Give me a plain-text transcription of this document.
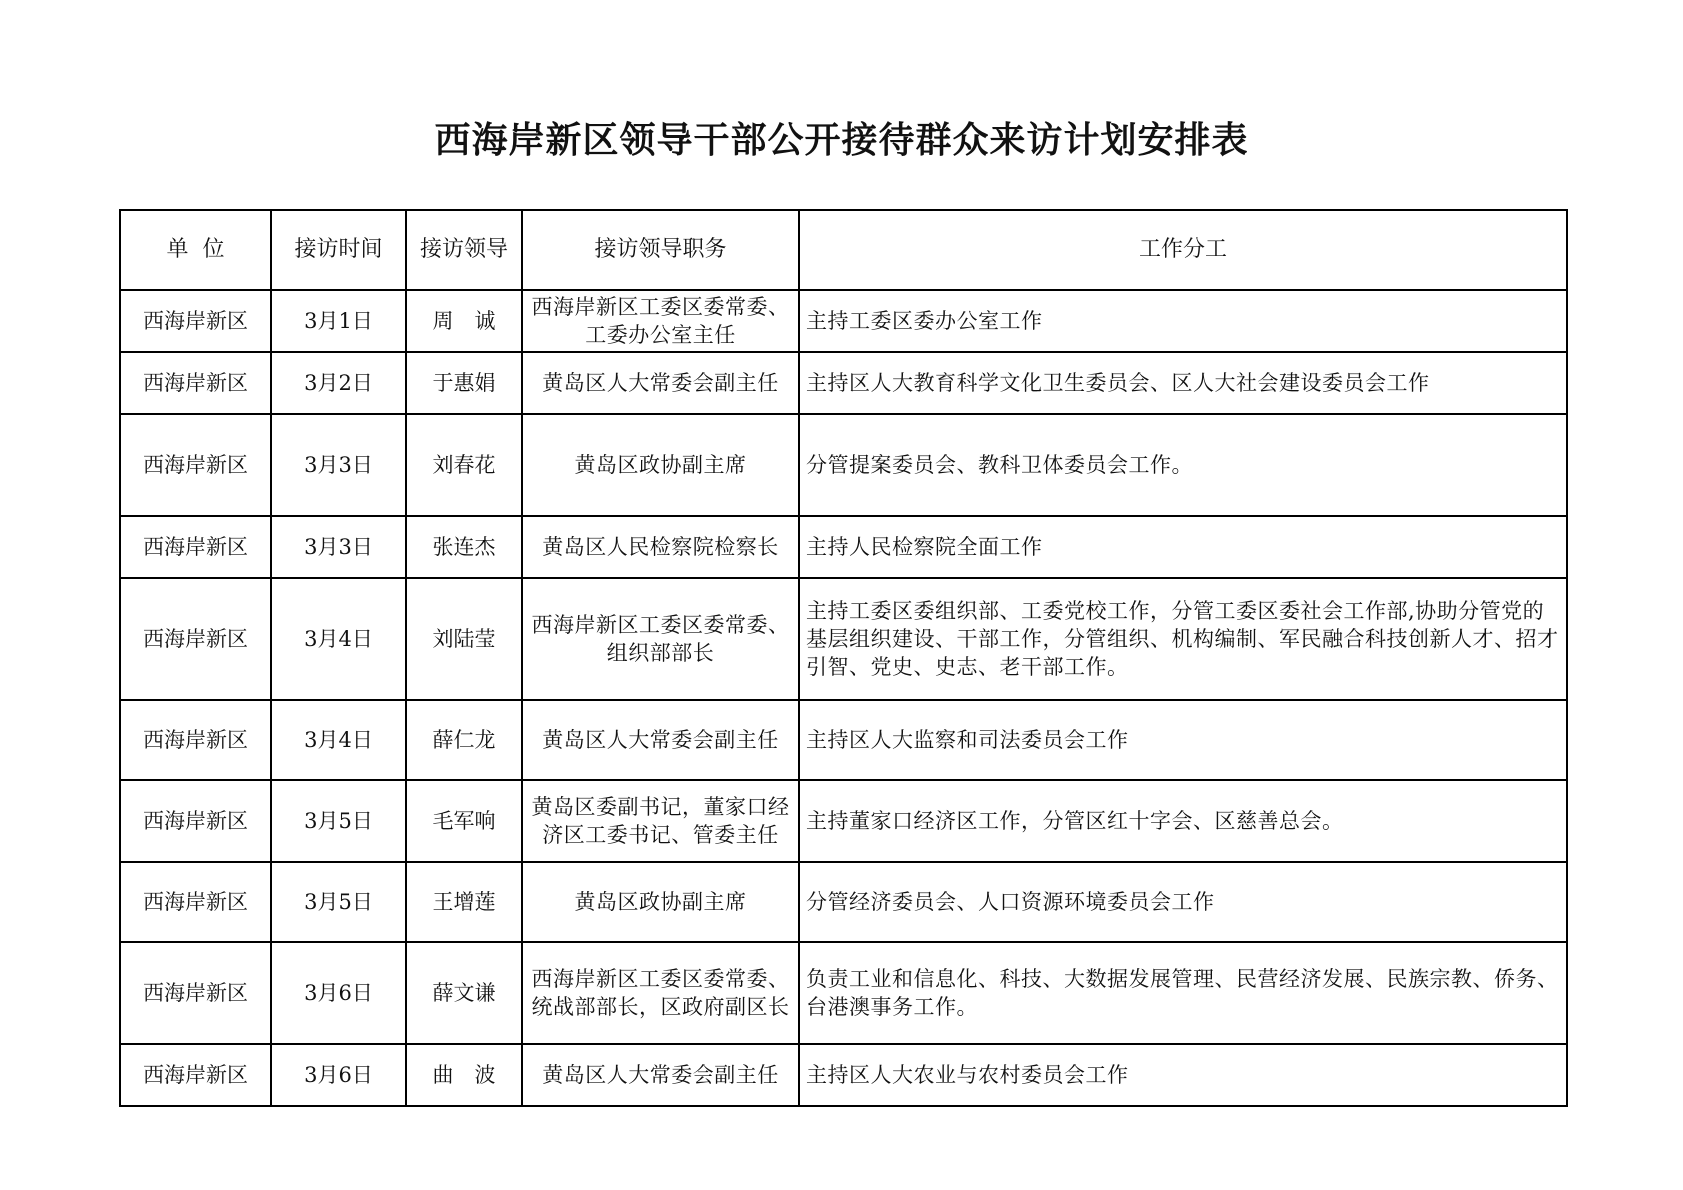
西海岸新区领导干部公开接待群众来访计划安排表
单  位	接访时间	接访领导	接访领导职务	工作分工
西海岸新区	3月1日	周　诚	西海岸新区工委区委常委、工委办公室主任	主持工委区委办公室工作
西海岸新区	3月2日	于惠娟	黄岛区人大常委会副主任	主持区人大教育科学文化卫生委员会、区人大社会建设委员会工作
西海岸新区	3月3日	刘春花	黄岛区政协副主席	分管提案委员会、教科卫体委员会工作。
西海岸新区	3月3日	张连杰	黄岛区人民检察院检察长	主持人民检察院全面工作
西海岸新区	3月4日	刘陆莹	西海岸新区工委区委常委、组织部部长	主持工委区委组织部、工委党校工作，分管工委区委社会工作部,协助分管党的基层组织建设、干部工作，分管组织、机构编制、军民融合科技创新人才、招才引智、党史、史志、老干部工作。
西海岸新区	3月4日	薛仁龙	黄岛区人大常委会副主任	主持区人大监察和司法委员会工作
西海岸新区	3月5日	毛军响	黄岛区委副书记，董家口经济区工委书记、管委主任	主持董家口经济区工作，分管区红十字会、区慈善总会。
西海岸新区	3月5日	王增莲	黄岛区政协副主席	分管经济委员会、人口资源环境委员会工作
西海岸新区	3月6日	薛文谦	西海岸新区工委区委常委、统战部部长，区政府副区长	负责工业和信息化、科技、大数据发展管理、民营经济发展、民族宗教、侨务、台港澳事务工作。
西海岸新区	3月6日	曲　波	黄岛区人大常委会副主任	主持区人大农业与农村委员会工作
